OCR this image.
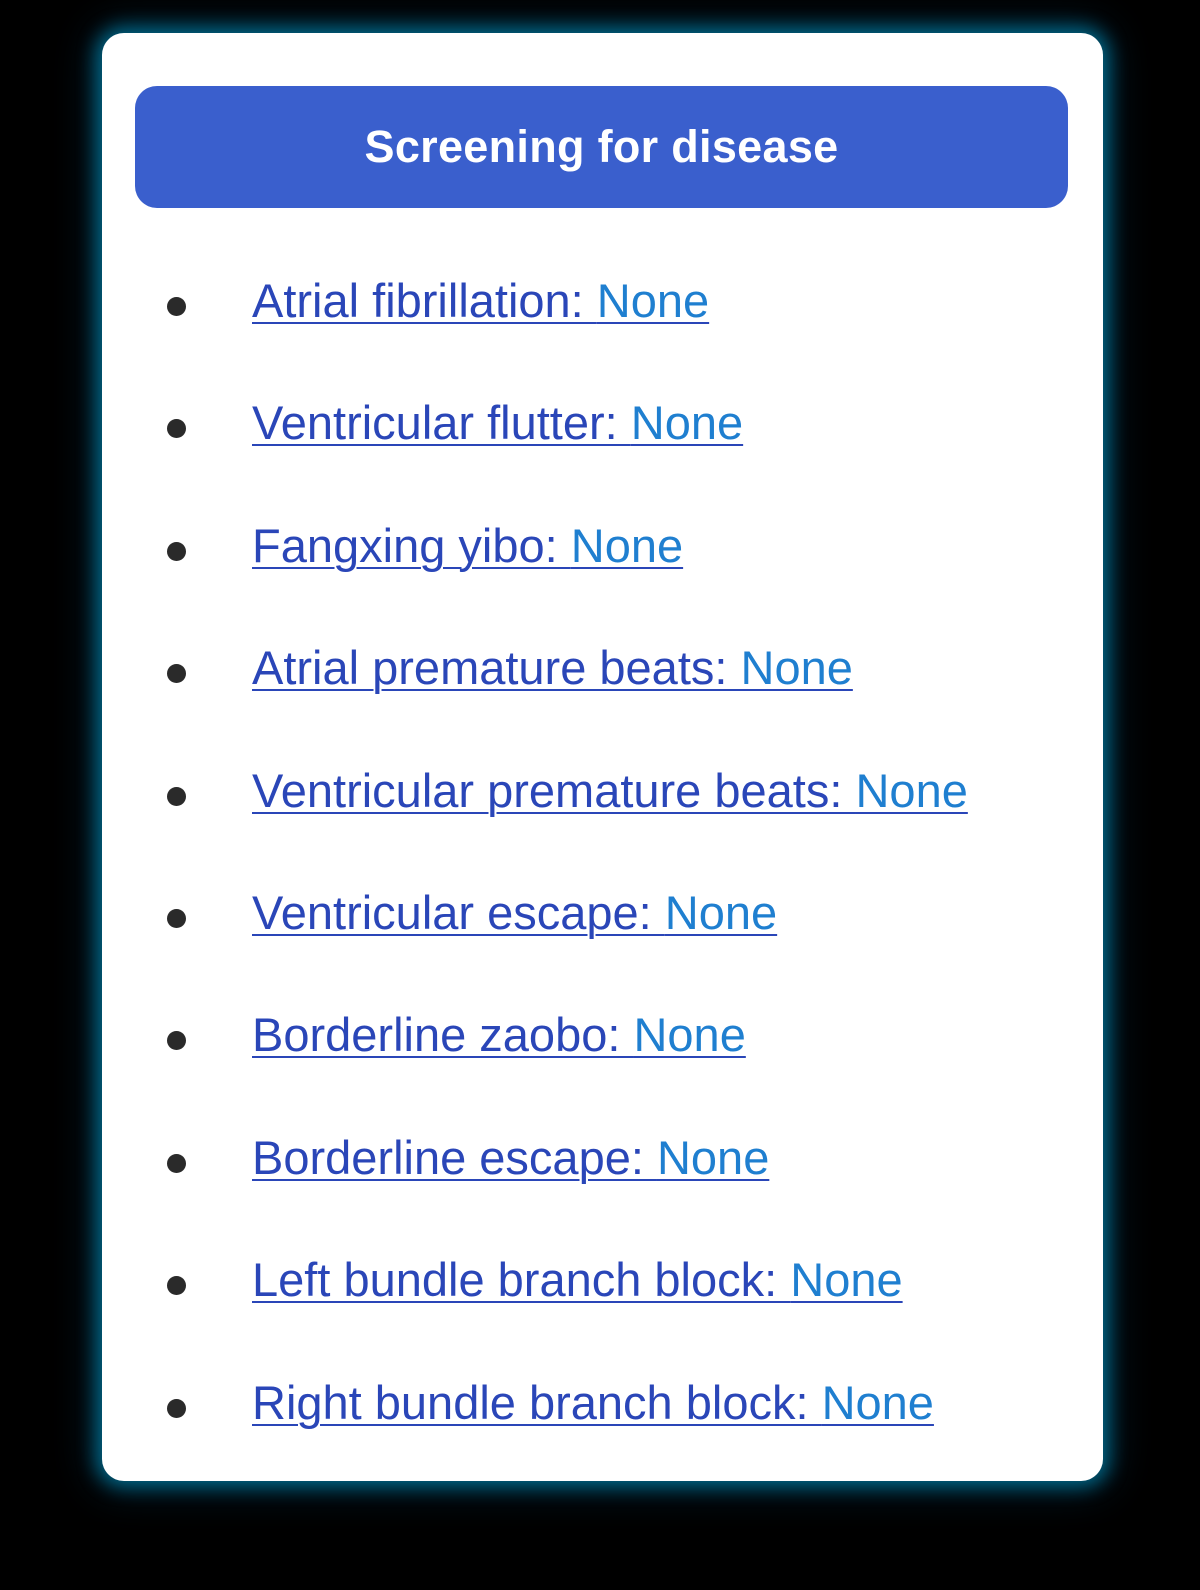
Screening for disease
Atrial fibrillation: None
Ventricular flutter: None
Fangxing yibo: None
Atrial premature beats: None
Ventricular premature beats: None
Ventricular escape: None
Borderline zaobo: None
Borderline escape: None
Left bundle branch block: None
Right bundle branch block: None
